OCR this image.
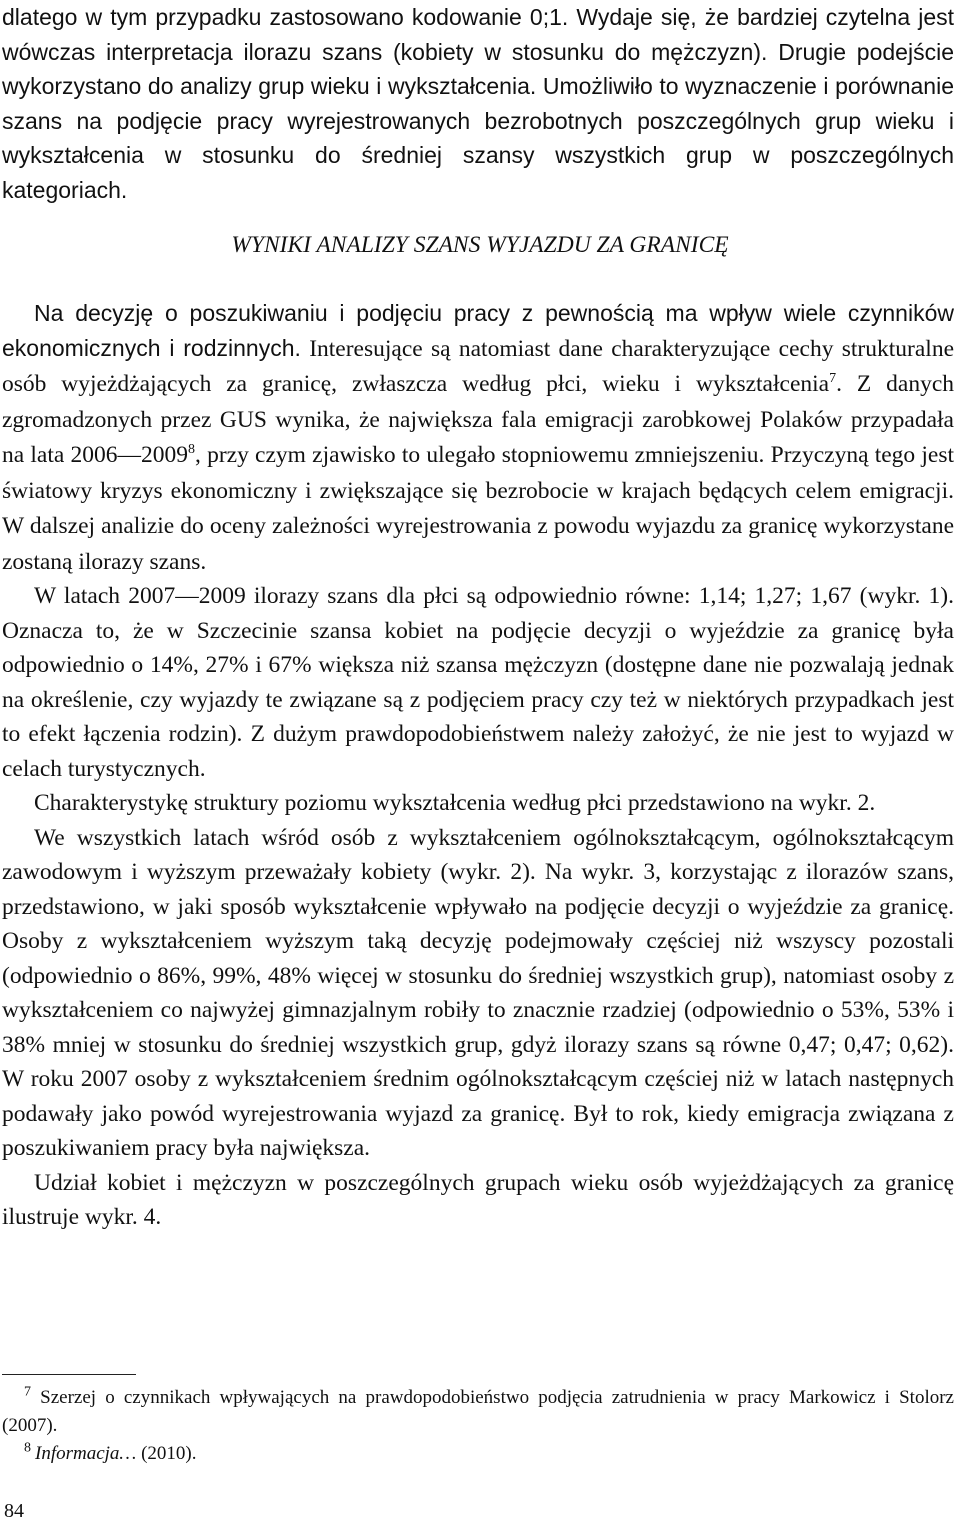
dlatego w tym przypadku zastosowano kodowanie 0;1. Wydaje się, że bardziej czytelna jest wówczas interpretacja ilorazu szans (kobiety w stosunku do mężczyzn). Drugie podejście wykorzystano do analizy grup wieku i wykształcenia. Umożliwiło to wyznaczenie i porównanie szans na podjęcie pracy wyrejestrowanych bezrobotnych poszczególnych grup wieku i wykształcenia w stosunku do średniej szansy wszystkich grup w poszczególnych kategoriach.

WYNIKI ANALIZY SZANS WYJAZDU ZA GRANICĘ

Na decyzję o poszukiwaniu i podjęciu pracy z pewnością ma wpływ wiele czynników ekonomicznych i rodzinnych. Interesujące są natomiast dane charakteryzujące cechy strukturalne osób wyjeżdżających za granicę, zwłaszcza według płci, wieku i wykształcenia$^7$. Z danych zgromadzonych przez GUS wynika, że największa fala emigracji zarobkowej Polaków przypadała na lata 2006—2009$^8$, przy czym zjawisko to ulegało stopniowemu zmniejszeniu. Przyczyną tego jest światowy kryzys ekonomiczny i zwiększające się bezrobocie w krajach będących celem emigracji. W dalszej analizie do oceny zależności wyrejestrowania z powodu wyjazdu za granicę wykorzystane zostaną ilorazy szans.

W latach 2007—2009 ilorazy szans dla płci są odpowiednio równe: 1,14; 1,27; 1,67 (wykr. 1). Oznacza to, że w Szczecinie szansa kobiet na podjęcie decyzji o wyjeździe za granicę była odpowiednio o 14%, 27% i 67% większa niż szansa mężczyzn (dostępne dane nie pozwalają jednak na określenie, czy wyjazdy te związane są z podjęciem pracy czy też w niektórych przypadkach jest to efekt łączenia rodzin). Z dużym prawdopodobieństwem należy założyć, że nie jest to wyjazd w celach turystycznych.

Charakterystykę struktury poziomu wykształcenia według płci przedstawiono na wykr. 2.

We wszystkich latach wśród osób z wykształceniem ogólnokształcącym, ogólnokształcącym zawodowym i wyższym przeważały kobiety (wykr. 2). Na wykr. 3, korzystając z ilorazów szans, przedstawiono, w jaki sposób wykształcenie wpływało na podjęcie decyzji o wyjeździe za granicę. Osoby z wykształceniem wyższym taką decyzję podejmowały częściej niż wszyscy pozostali (odpowiednio o 86%, 99%, 48% więcej w stosunku do średniej wszystkich grup), natomiast osoby z wykształceniem co najwyżej gimnazjalnym robiły to znacznie rzadziej (odpowiednio o 53%, 53% i 38% mniej w stosunku do średniej wszystkich grup, gdyż ilorazy szans są równe 0,47; 0,47; 0,62). W roku 2007 osoby z wykształceniem średnim ogólnokształcącym częściej niż w latach następnych podawały jako powód wyrejestrowania wyjazd za granicę. Był to rok, kiedy emigracja związana z poszukiwaniem pracy była największa.

Udział kobiet i mężczyzn w poszczególnych grupach wieku osób wyjeżdżających za granicę ilustruje wykr. 4.

$^7$ Szerzej o czynnikach wpływających na prawdopodobieństwo podjęcia zatrudnienia w pracy Markowicz i Stolorz (2007).

$^8$ Informacja… (2010).

84
